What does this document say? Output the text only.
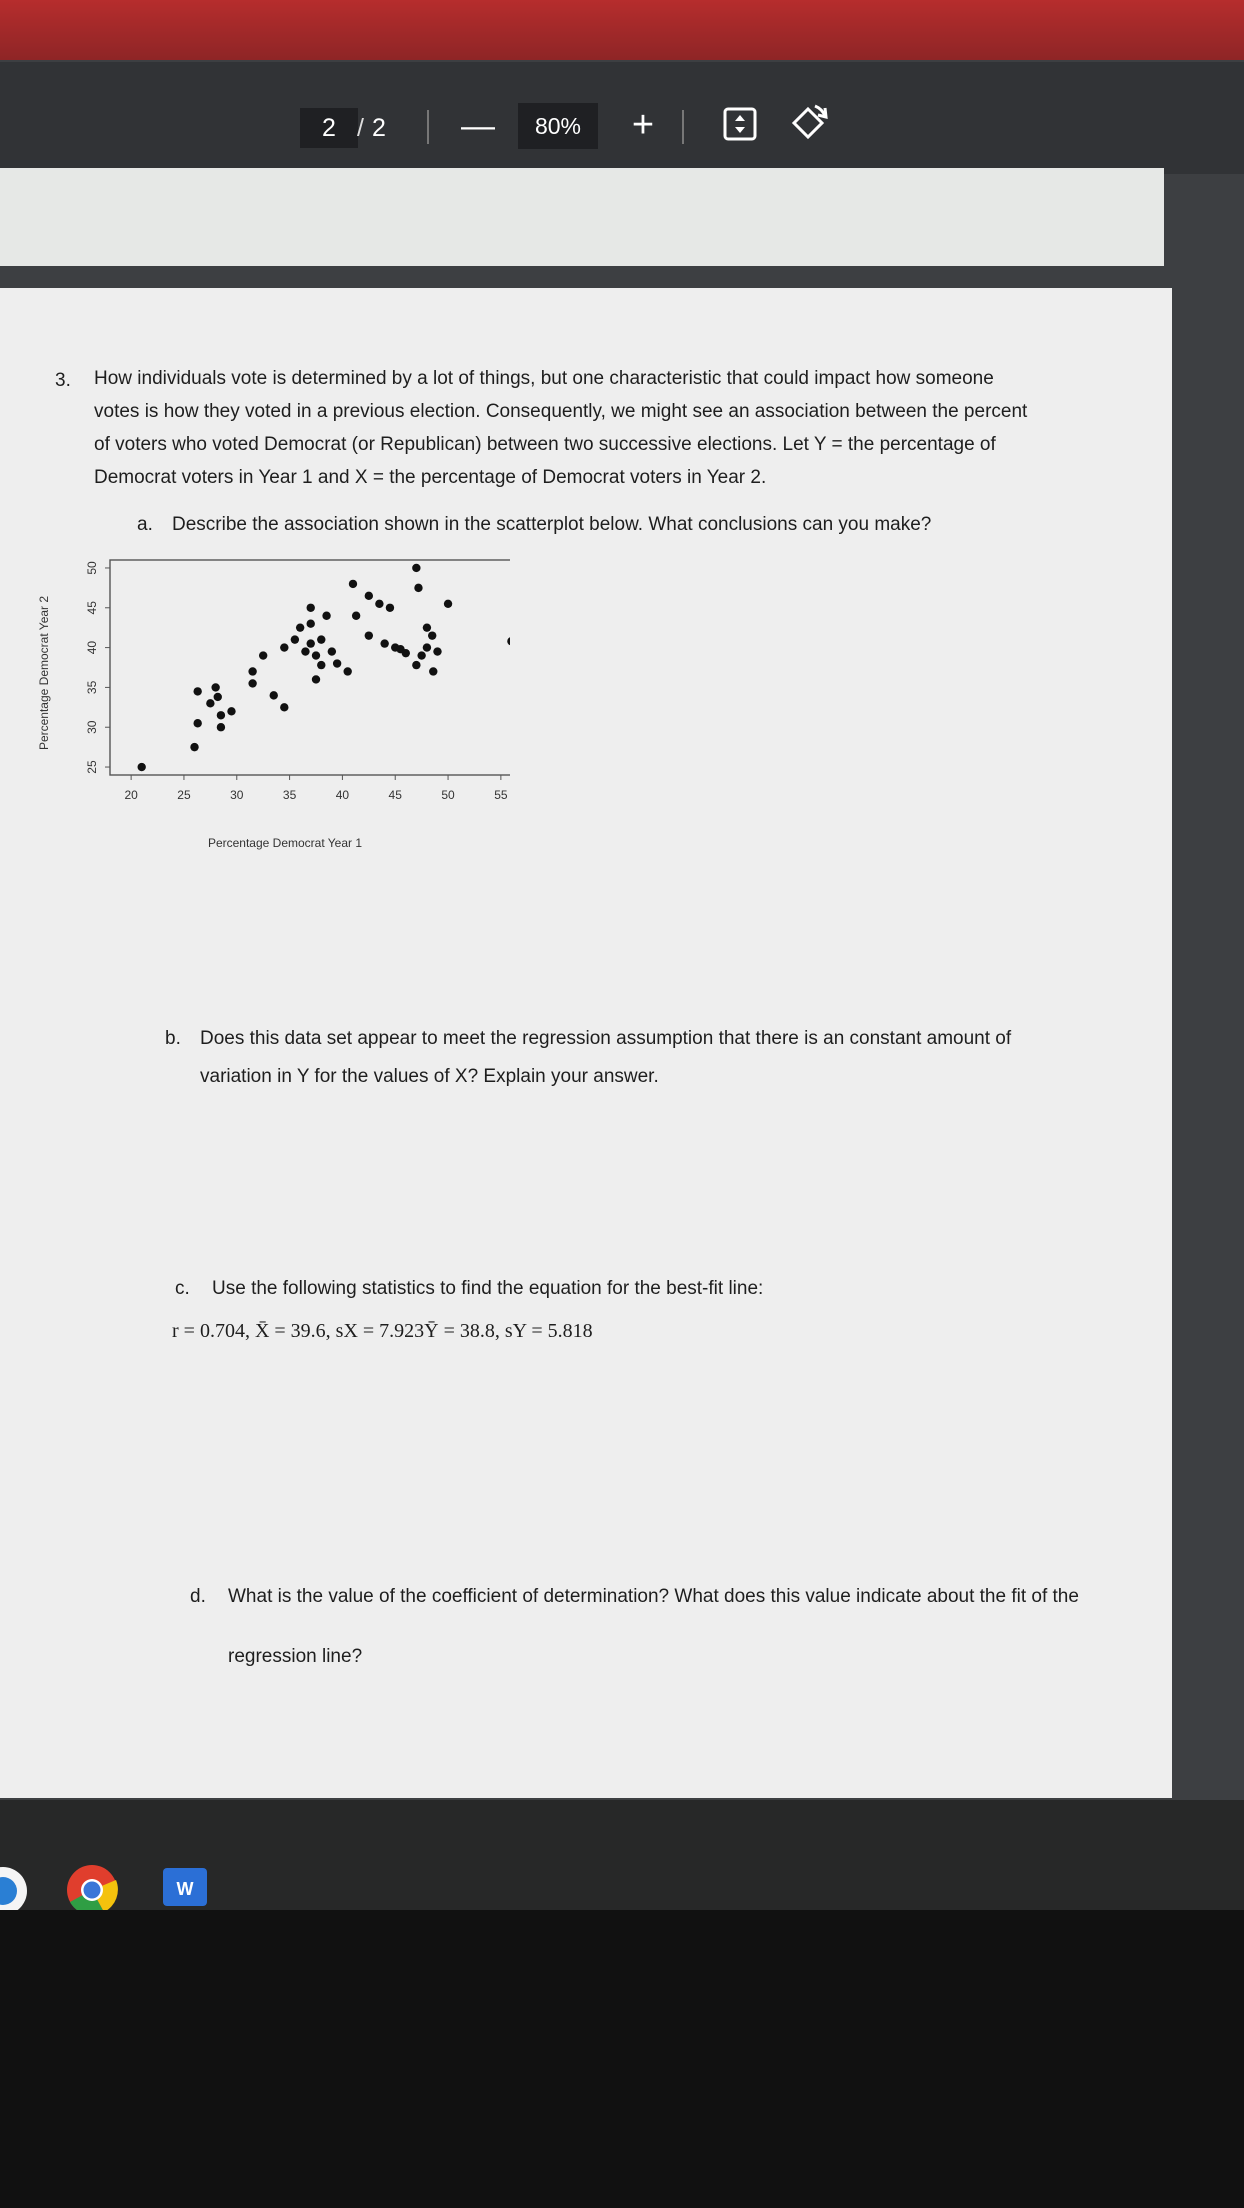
2 / 2 —	80%	+
3. How individuals vote is determined by a lot of things, but one characteristic that could impact how someone
votes is how they voted in a previous election. Consequently, we might see an association between the percent
of voters who voted Democrat (or Republican) between two successive elections. Let Y = the percentage of
Democrat voters in Year 1 and X = the percentage of Democrat voters in Year 2.
a. Describe the association shown in the scatterplot below. What conclusions can you make?
20	25	30	35	40	45	50	55
25
30
35
40
45
50
Percentage Democrat Year 1
Percentage Democrat Year 2
b. Does this data set appear to meet the regression assumption that there is an constant amount of
variation in Y for the values of X? Explain your answer.
c. Use the following statistics to find the equation for the best-fit line:
r = 0.704, X̄ = 39.6, sX = 7.923Ȳ = 38.8, sY = 5.818
d. What is the value of the coefficient of determination? What does this value indicate about the fit of the
regression line?
W
